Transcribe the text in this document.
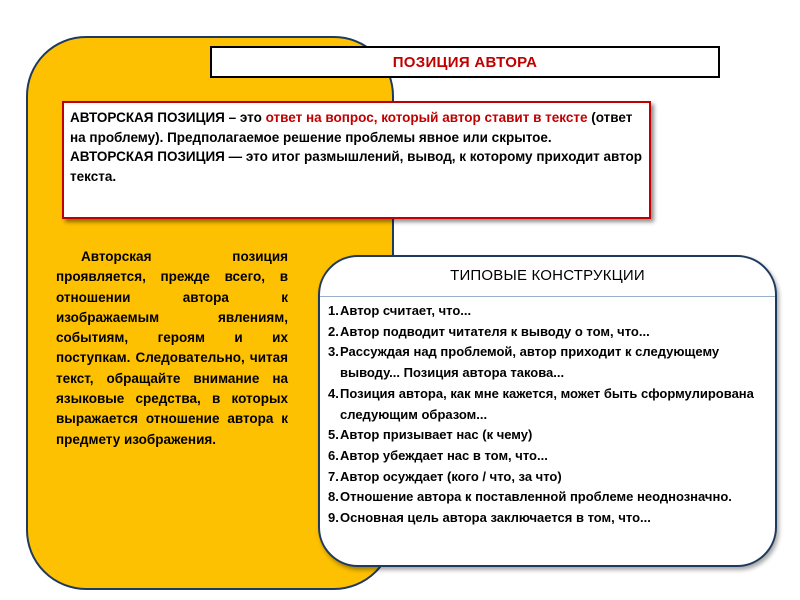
ПОЗИЦИЯ АВТОРА

АВТОРСКАЯ ПОЗИЦИЯ – это ответ на вопрос, который автор ставит в тексте (ответ на проблему). Предполагаемое решение проблемы явное или скрытое.

АВТОРСКАЯ ПОЗИЦИЯ — это итог размышлений, вывод, к которому приходит автор текста.

Авторская позиция проявляется, прежде всего, в отношении автора к изображаемым явлениям, событиям, героям и их поступкам. Следовательно, читая текст, обращайте внимание на языковые средства, в которых выражается отношение автора к предмету изображения.

ТИПОВЫЕ КОНСТРУКЦИИ
1. Автор считает, что...
2. Автор подводит читателя к выводу о том, что...
3. Рассуждая над проблемой, автор приходит к следующему выводу... Позиция автора такова...
4. Позиция автора, как мне кажется, может быть сформулирована следующим образом...
5. Автор призывает нас (к чему)
6. Автор убеждает нас в том, что...
7. Автор осуждает (кого / что, за что)
8. Отношение автора к поставленной проблеме неоднозначно.
9. Основная цель автора заключается в том, что...
